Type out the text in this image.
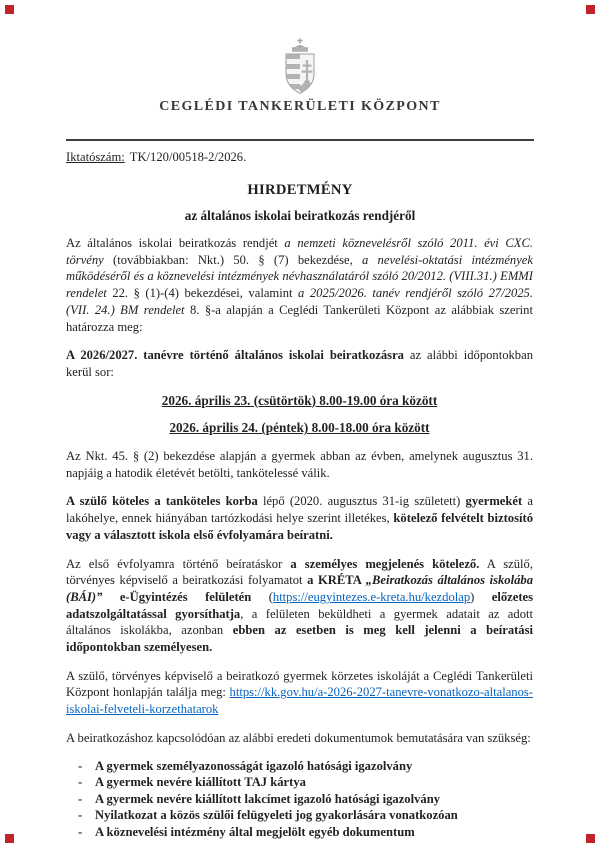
CEGLÉDI TANKERÜLETI KÖZPONT

Iktatószám: TK/120/00518-2/2026.

HIRDETMÉNY
az általános iskolai beiratkozás rendjéről

Az általános iskolai beiratkozás rendjét a nemzeti köznevelésről szóló 2011. évi CXC. törvény (továbbiakban: Nkt.) 50. § (7) bekezdése, a nevelési-oktatási intézmények működéséről és a köznevelési intézmények névhasználatáról szóló 20/2012. (VIII.31.) EMMI rendelet 22. § (1)-(4) bekezdései, valamint a 2025/2026. tanév rendjéről szóló 27/2025. (VII. 24.) BM rendelet 8. §-a alapján a Ceglédi Tankerületi Központ az alábbiak szerint határozza meg:

A 2026/2027. tanévre történő általános iskolai beiratkozásra az alábbi időpontokban kerül sor:

2026. április 23. (csütörtök) 8.00-19.00 óra között

2026. április 24. (péntek) 8.00-18.00 óra között

Az Nkt. 45. § (2) bekezdése alapján a gyermek abban az évben, amelynek augusztus 31. napjáig a hatodik életévét betölti, tankötelessé válik.

A szülő köteles a tanköteles korba lépő (2020. augusztus 31-ig született) gyermekét a lakóhelye, ennek hiányában tartózkodási helye szerint illetékes, kötelező felvételt biztosító vagy a választott iskola első évfolyamára beíratni.

Az első évfolyamra történő beíratáskor a személyes megjelenés kötelező. A szülő, törvényes képviselő a beiratkozási folyamatot a KRÉTA „Beiratkozás általános iskolába (BÁI)” e-Ügyintézés felületén (https://eugyintezes.e-kreta.hu/kezdolap) előzetes adatszolgáltatással gyorsíthatja, a felületen beküldheti a gyermek adatait az adott általános iskolákba, azonban ebben az esetben is meg kell jelenni a beíratási időpontokban személyesen.

A szülő, törvényes képviselő a beiratkozó gyermek körzetes iskoláját a Ceglédi Tankerületi Központ honlapján találja meg: https://kk.gov.hu/a-2026-2027-tanevre-vonatkozo-altalanos-iskolai-felveteli-korzethatarok

A beiratkozáshoz kapcsolódóan az alábbi eredeti dokumentumok bemutatására van szükség:

-	A gyermek személyazonosságát igazoló hatósági igazolvány
-	A gyermek nevére kiállított TAJ kártya
-	A gyermek nevére kiállított lakcímet igazoló hatósági igazolvány
-	Nyilatkozat a közös szülői felügyeleti jog gyakorlására vonatkozóan
-	A köznevelési intézmény által megjelölt egyéb dokumentum
